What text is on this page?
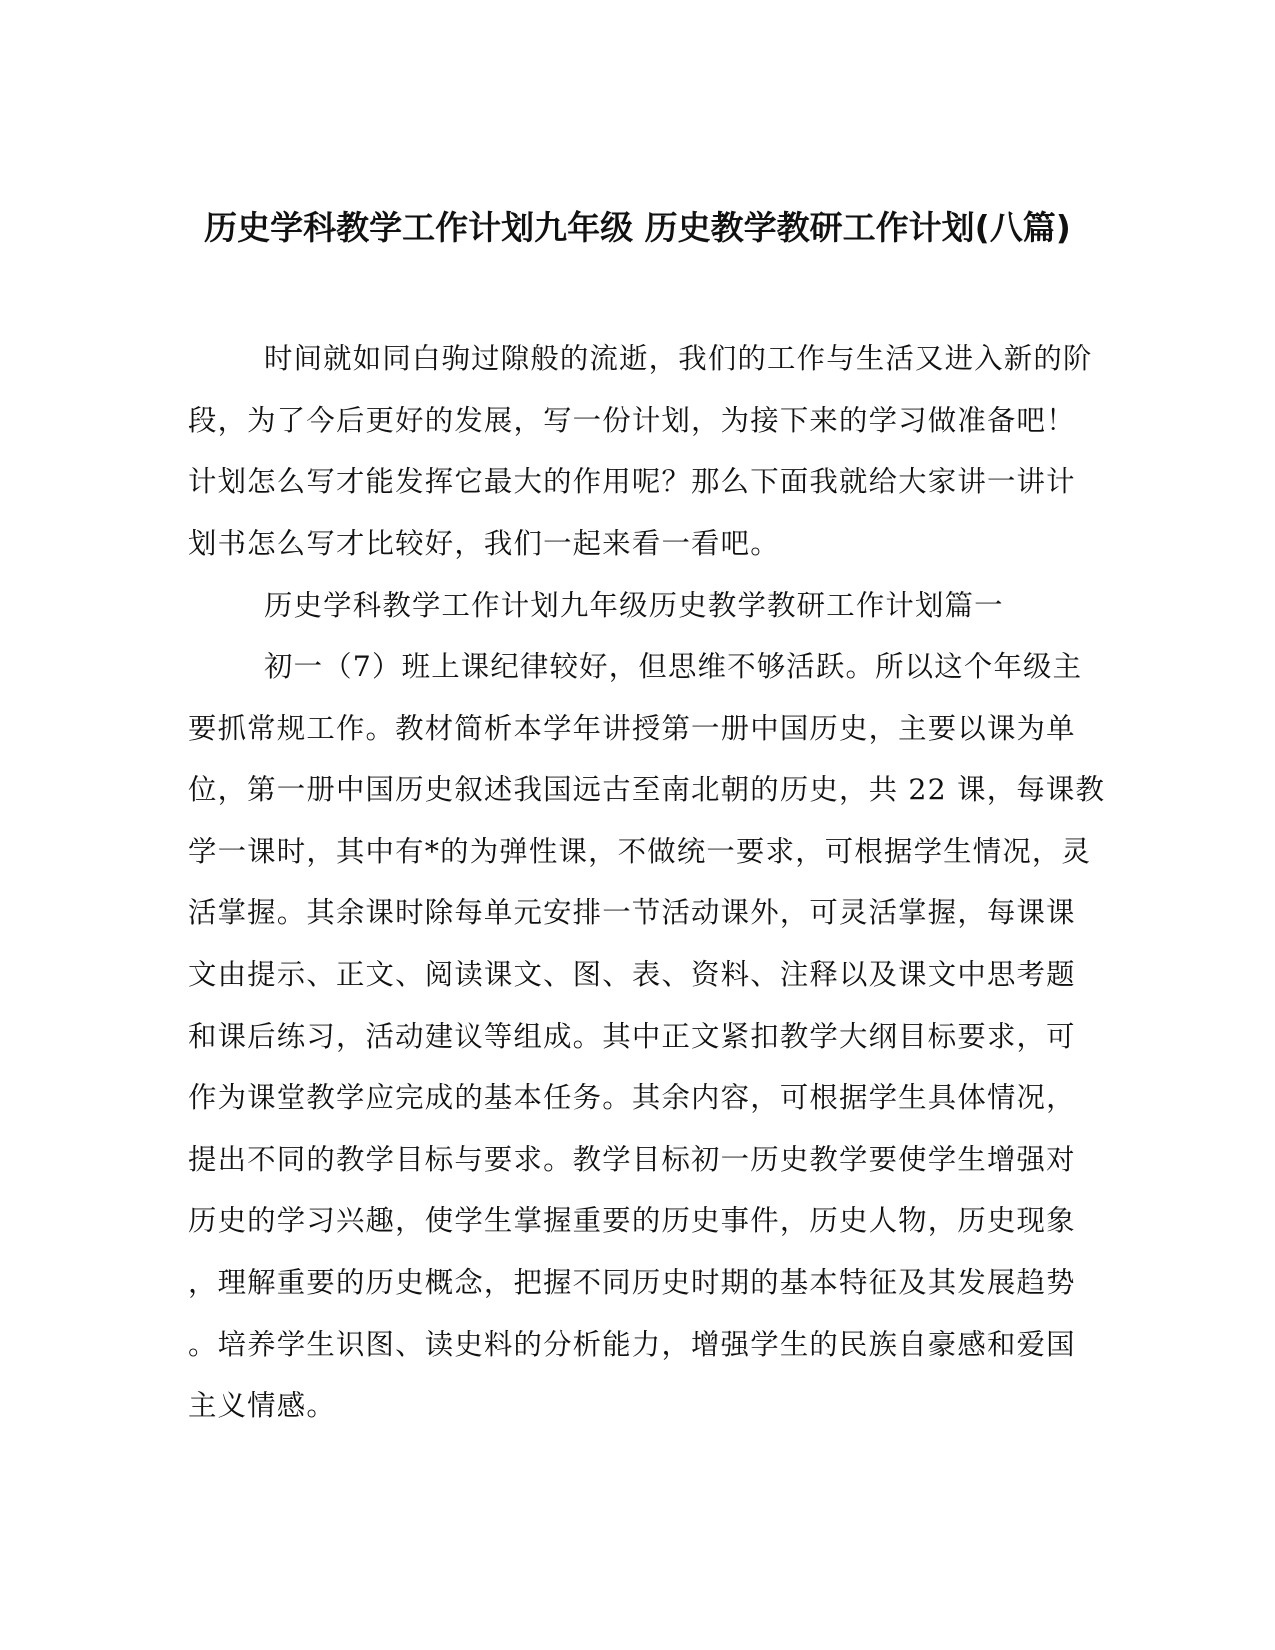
历史学科教学工作计划九年级 历史教学教研工作计划(八篇)
时间就如同白驹过隙般的流逝，我们的工作与生活又进入新的阶
段，为了今后更好的发展，写一份计划，为接下来的学习做准备吧！
计划怎么写才能发挥它最大的作用呢？那么下面我就给大家讲一讲计
划书怎么写才比较好，我们一起来看一看吧。
历史学科教学工作计划九年级历史教学教研工作计划篇一
初一（7）班上课纪律较好，但思维不够活跃。所以这个年级主
要抓常规工作。教材简析本学年讲授第一册中国历史，主要以课为单
位，第一册中国历史叙述我国远古至南北朝的历史，共 22 课，每课教
学一课时，其中有*的为弹性课，不做统一要求，可根据学生情况，灵
活掌握。其余课时除每单元安排一节活动课外，可灵活掌握，每课课
文由提示、正文、阅读课文、图、表、资料、注释以及课文中思考题
和课后练习，活动建议等组成。其中正文紧扣教学大纲目标要求，可
作为课堂教学应完成的基本任务。其余内容，可根据学生具体情况，
提出不同的教学目标与要求。教学目标初一历史教学要使学生增强对
历史的学习兴趣，使学生掌握重要的历史事件，历史人物，历史现象
，理解重要的历史概念，把握不同历史时期的基本特征及其发展趋势
。培养学生识图、读史料的分析能力，增强学生的民族自豪感和爱国
主义情感。
